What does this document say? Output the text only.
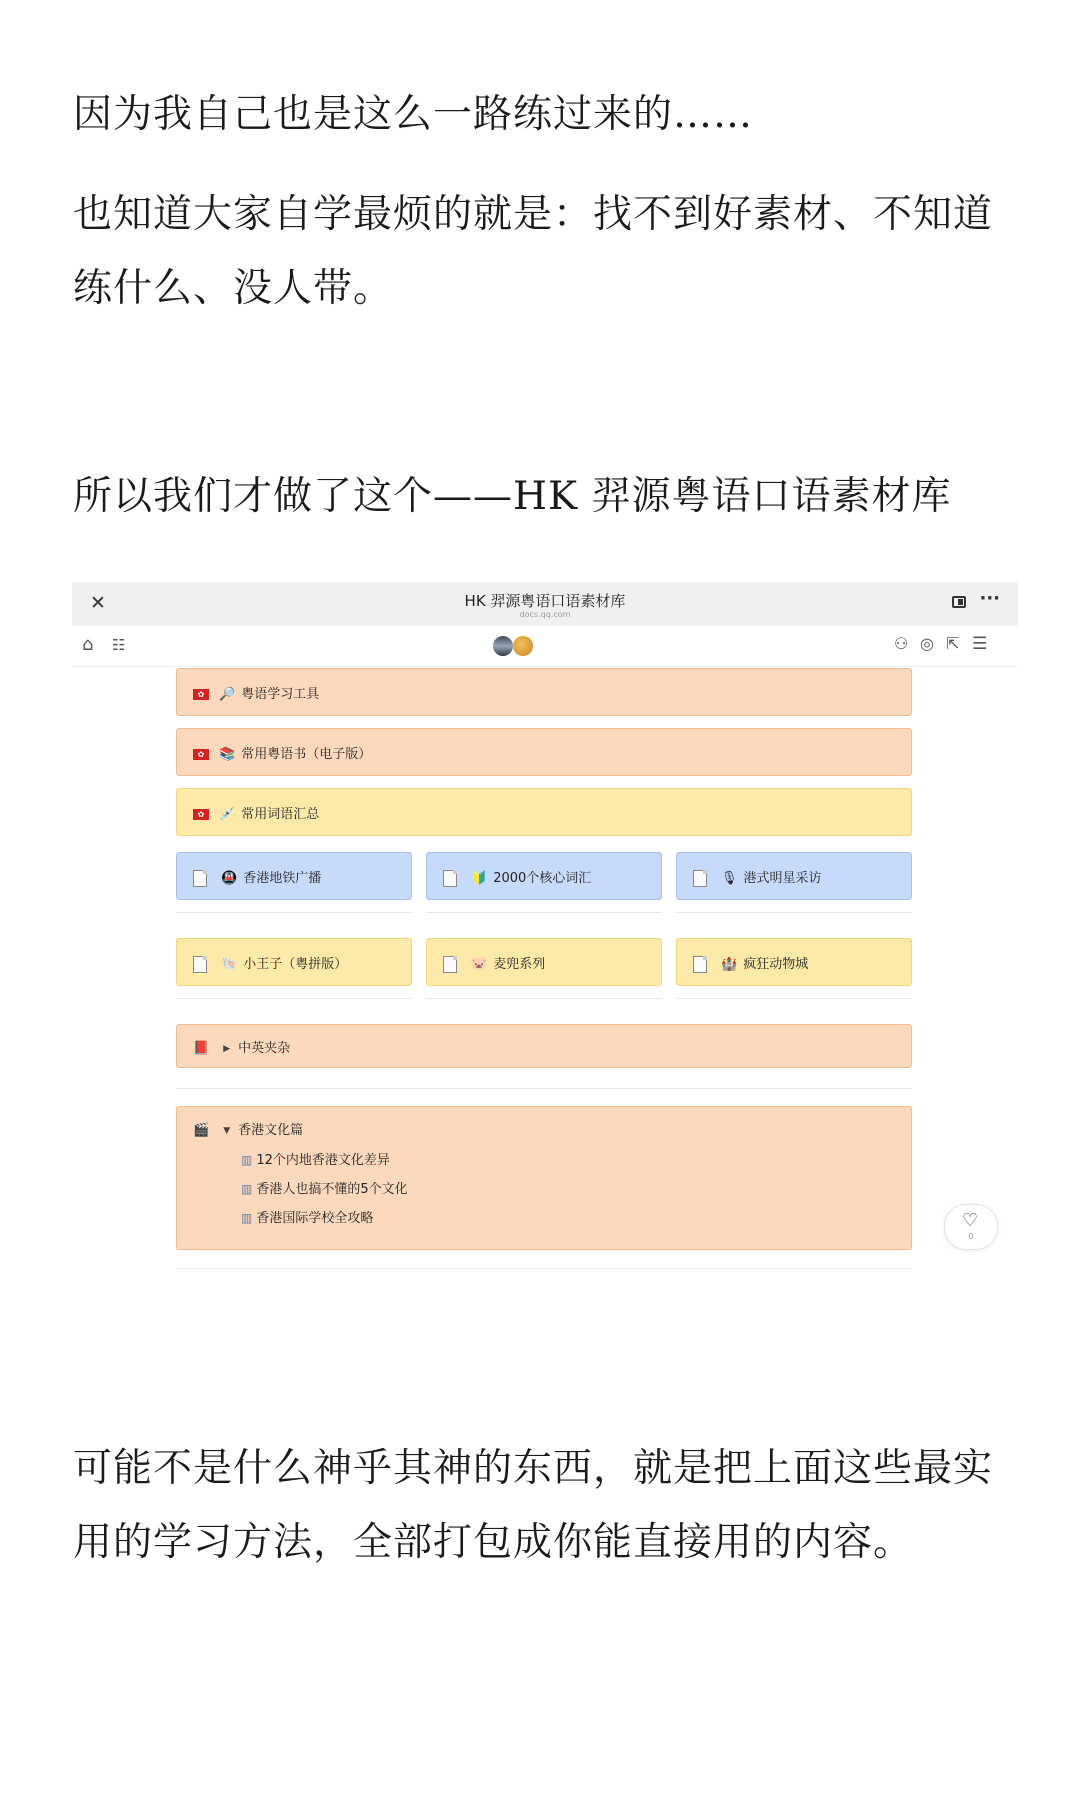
因为我自己也是这么一路练过来的……

也知道大家自学最烦的就是：找不到好素材、不知道练什么、没人带。

所以我们才做了这个——HK 羿源粤语口语素材库

✕	HK 羿源粤语口语素材库
docs.qq.com
···
⌂ ☷	⚇ ◎ ⇱ ☰
✿ 🔎 粤语学习工具
✿ 📚 常用粤语书（电子版）
✿ 💉 常用词语汇总
🚇 香港地铁广播	🔰 2000个核心词汇	🎙 港式明星采访
🐚 小王子（粤拼版）	🐷 麦兜系列	🏰 疯狂动物城
📕 ▶ 中英夹杂
🎬 ▼ 香港文化篇
▥ 12个内地香港文化差异
▥ 香港人也搞不懂的5个文化
▥ 香港国际学校全攻略	♡
0

可能不是什么神乎其神的东西，就是把上面这些最实用的学习方法，全部打包成你能直接用的内容。
